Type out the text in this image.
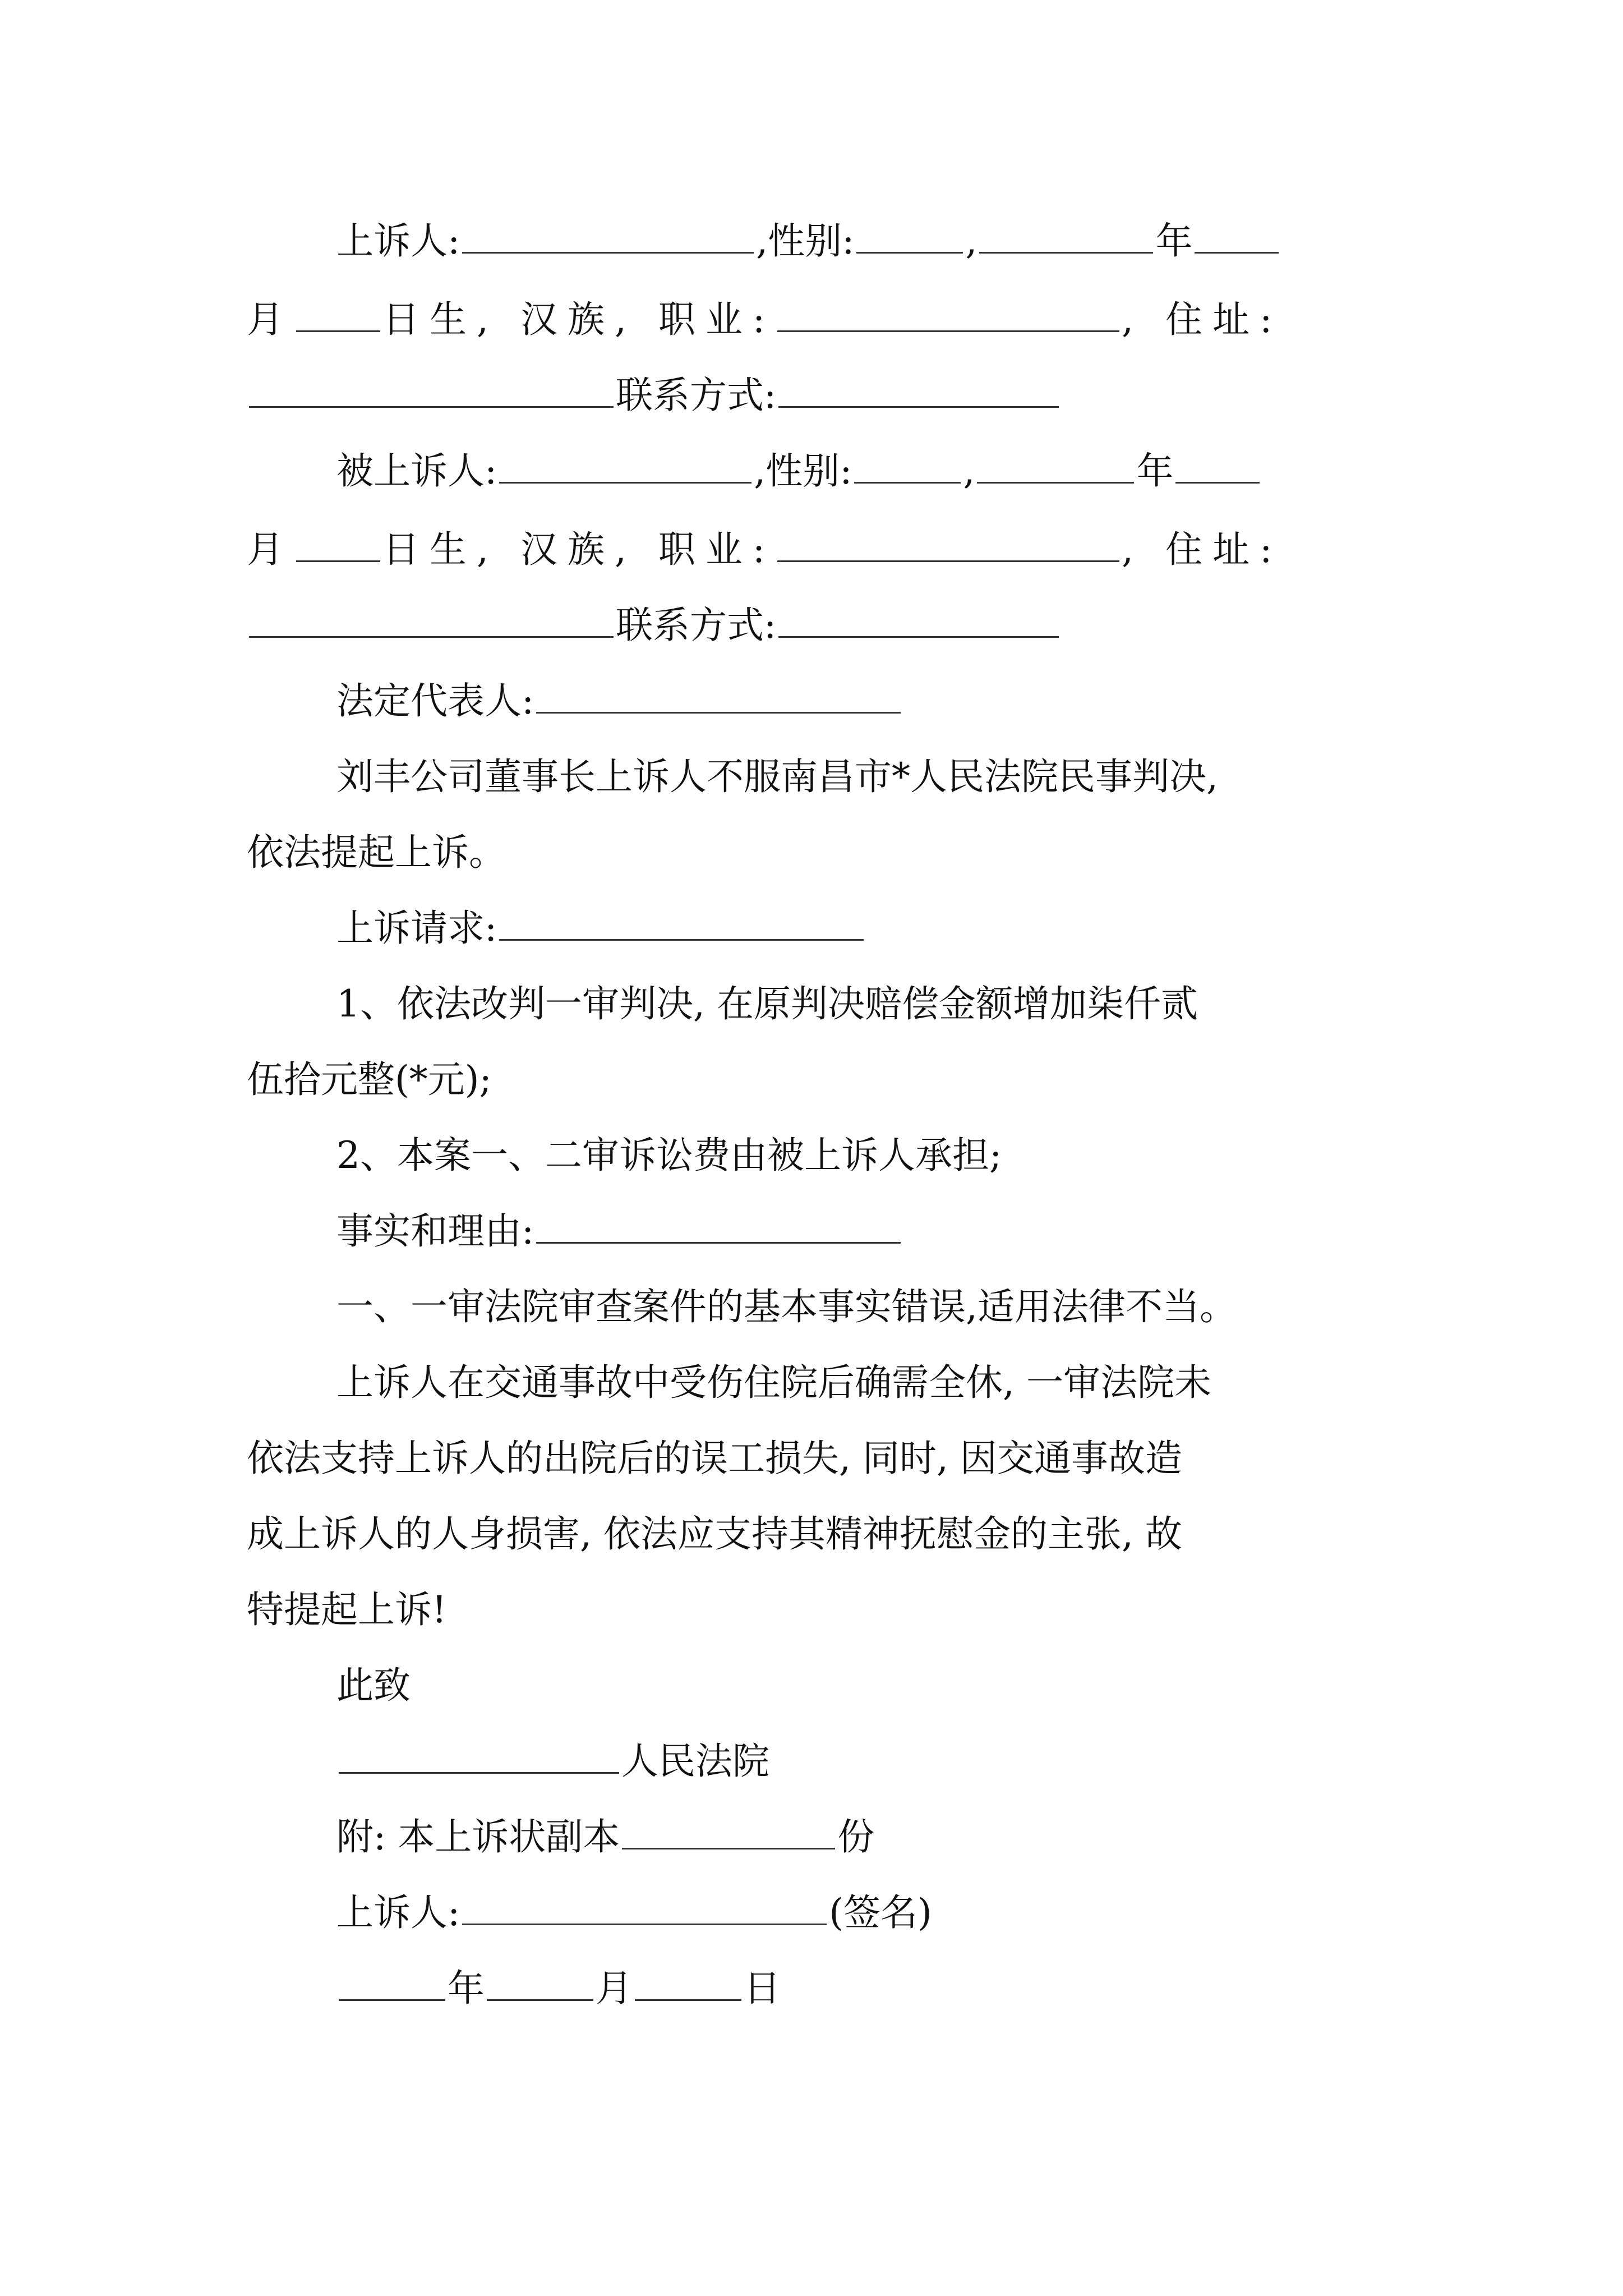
上诉人:	,性别:	,	年
月 日生, 汉族, 职业:	, 住址:
联系方式:
被上诉人:	,性别:	,	年
月 日生, 汉族, 职业:	, 住址:
联系方式:
法定代表人:
刘丰公司董事长上诉人不服南昌市*人民法院民事判决,
依法提起上诉。
上诉请求:
1、依法改判一审判决, 在原判决赔偿金额增加柒仟贰
伍拾元整(*元);
2、本案一、二审诉讼费由被上诉人承担;
事实和理由:
一、一审法院审查案件的基本事实错误,适用法律不当。
上诉人在交通事故中受伤住院后确需全休, 一审法院未
依法支持上诉人的出院后的误工损失, 同时, 因交通事故造
成上诉人的人身损害, 依法应支持其精神抚慰金的主张, 故
特提起上诉!
此致
人民法院
附: 本上诉状副本	份
上诉人:	(签名)
年	月	日
